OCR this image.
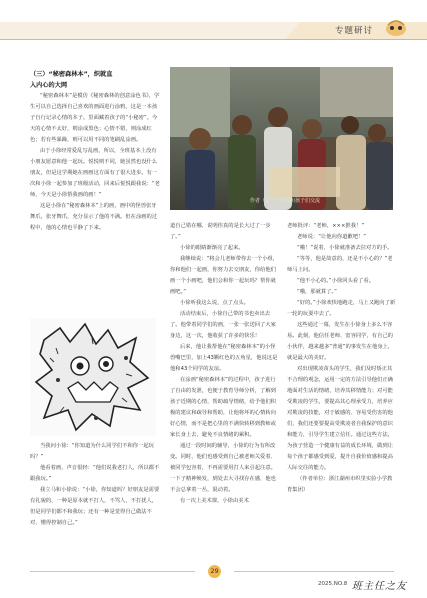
专题研讨
（三）“秘密森林本”，织就直
入内心的大网

“秘密森林本”是模仿《秘密森林的创意涂色书》，学生可以自己选择自己喜欢的画面进行涂鸦，这是一本孩子自行记录心情的本子。里面藏着孩子的“小秘密”。今天的心情不太好，则涂成黑色；心情不错，则涂成红色；若有些暴躁，则可以用不同的笔刷乱涂画。

由于小徐经常爱乱写乱画，所以，全班基本上没有小朋友愿意和他一起玩。悦悦则不同，她虽然也没什么朋友，但是这学期她在画画这方面有了很大进步。有一次和小徐一起参加了班级活动，回来后悦悦跟我说：“老师，今天是小徐帮我画的画！”

这是小徐在“秘密森林本”上的画，画中的怪兽张牙舞爪，张牙舞爪，充分显示了他的不满。但在涂画的过程中，他的心情也平静了下来。

当我问小徐：“你知道为什么同学们不和你一起玩吗？”

他看着画，声音很轻：“他们说我老打人，所以都不跟我玩。”

我立马和小徐说：“小徐，你知道吗？好朋友是需要有礼貌的，一种是原本就不打人，不骂人，不打扰人，但是同学们都不和我玩；还有一种是觉得自己做法不对，懂得控制自己。”

作者（左一）正在和孩子们交流

道自己错在哪，说明你真的是长大过了一步了。”

小徐的眼睛渐渐亮了起来。

我继续说：“将会儿老师带你去一个小组，你和他们一起画，你努力去交朋友，你给他们画一个小画吧，他们会和你一起玩吗？帮你就画吧。”

小徐听我这么说，点了点头。

活动结束后，小徐自己带的书也卖出去了。他带着同学们的画，一张一张送回了大家身边，这一次，他收获了许多的快乐！

后来，他让我帮他在“秘密森林本”的小怪兽嘴巴里，加上43颗红色的五角星，他说这是他和43个同学的友谊。

在涂画“秘密森林本”的过程中，孩子进行了自由的发泄，也便于教育导师分析，了解到孩子近期的心情，帮助疏导情绪，给予他们积极的建议和疏导和帮助，让他将坏的心情转向好心情，而不是把心里的不满快转移到教师或家长身上去，避免不良情绪的累积。

通过一段时间的辅导，小徐的行为有所改变。同时，他们也感受到自己被老师关爱着、被同学包容着，不再需要用打人来引起注意。一下子精神焕发，到处去大寻找存在感，他也不会总拿着一丛，混动着。

有一次上美术课，小徐由美术

老师批评：“老师，×××推我！”

老师说：“让他向你道歉吧！”

“哦！”说着，小徐就准备去拉对方的手。

“等等，他是故意的，还是不小心的？”老师马上问。

“他不小心的。”小徐回头看了看。

“哦，那就算了。”

“好的。”小徐欢快地跑走，马上又跑向了新一轮的玩耍中去了。

这些通过一幕，发生在小徐身上多么不容易。此刻，他信任老师、宽容同学，有自己的小伙伴，越来越多“普通”的事发生在他身上，就是最大的美好。

对出现欺凌苗头的学生，我们及时矫正其不合理的观念，运用一定的方法引导他们正确地面对生活的情绪，培养其移情能力；对可能受欺凌的学生，要提高其心理承受力，培养应对欺凌的技能，对于敏感的、容易受伤害的他们，我们还要要提高受欺凌者自我保护的意识和能力，引导学生建立信任。通过这些方法，为孩子营造一个健康有益的成长环境，做到让每个孩子都感受到爱，提升自我价值感和提高人际交往的能力。

（作者单位：浙江湖州市织里实验小学教育集团）

29
2025.NO.8 班主任之友
